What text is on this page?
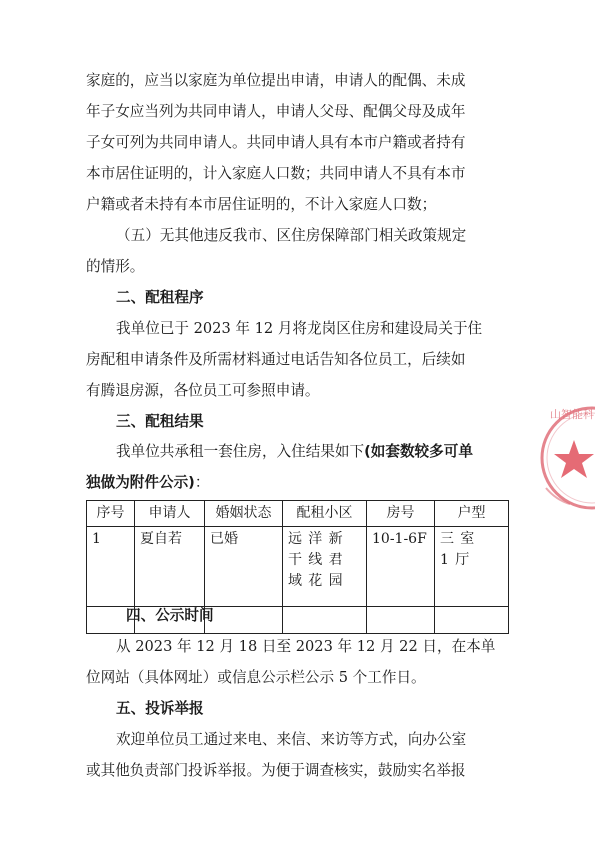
家庭的，应当以家庭为单位提出申请，申请人的配偶、未成

年子女应当列为共同申请人，申请人父母、配偶父母及成年

子女可列为共同申请人。共同申请人具有本市户籍或者持有

本市居住证明的，计入家庭人口数；共同申请人不具有本市

户籍或者未持有本市居住证明的，不计入家庭人口数；

（五）无其他违反我市、区住房保障部门相关政策规定

的情形。

二、配租程序

我单位已于 2023 年 12 月将龙岗区住房和建设局关于住

房配租申请条件及所需材料通过电话告知各位员工，后续如

有腾退房源，各位员工可参照申请。

三、配租结果

我单位共承租一套住房，入住结果如下(如套数较多可单
独做为附件公示)：
序号	申请人	婚姻状态	配租小区	房号	户型
1	夏自若	已婚	远洋新干线君域花园	10-1-6F	三室 1厅

四、公示时间

从 2023 年 12 月 18 日至 2023 年 12 月 22 日，在本单

位网站（具体网址）或信息公示栏公示 5 个工作日。

五、投诉举报

欢迎单位员工通过来电、来信、来访等方式，向办公室

或其他负责部门投诉举报。为便于调查核实，鼓励实名举报

山智能科
